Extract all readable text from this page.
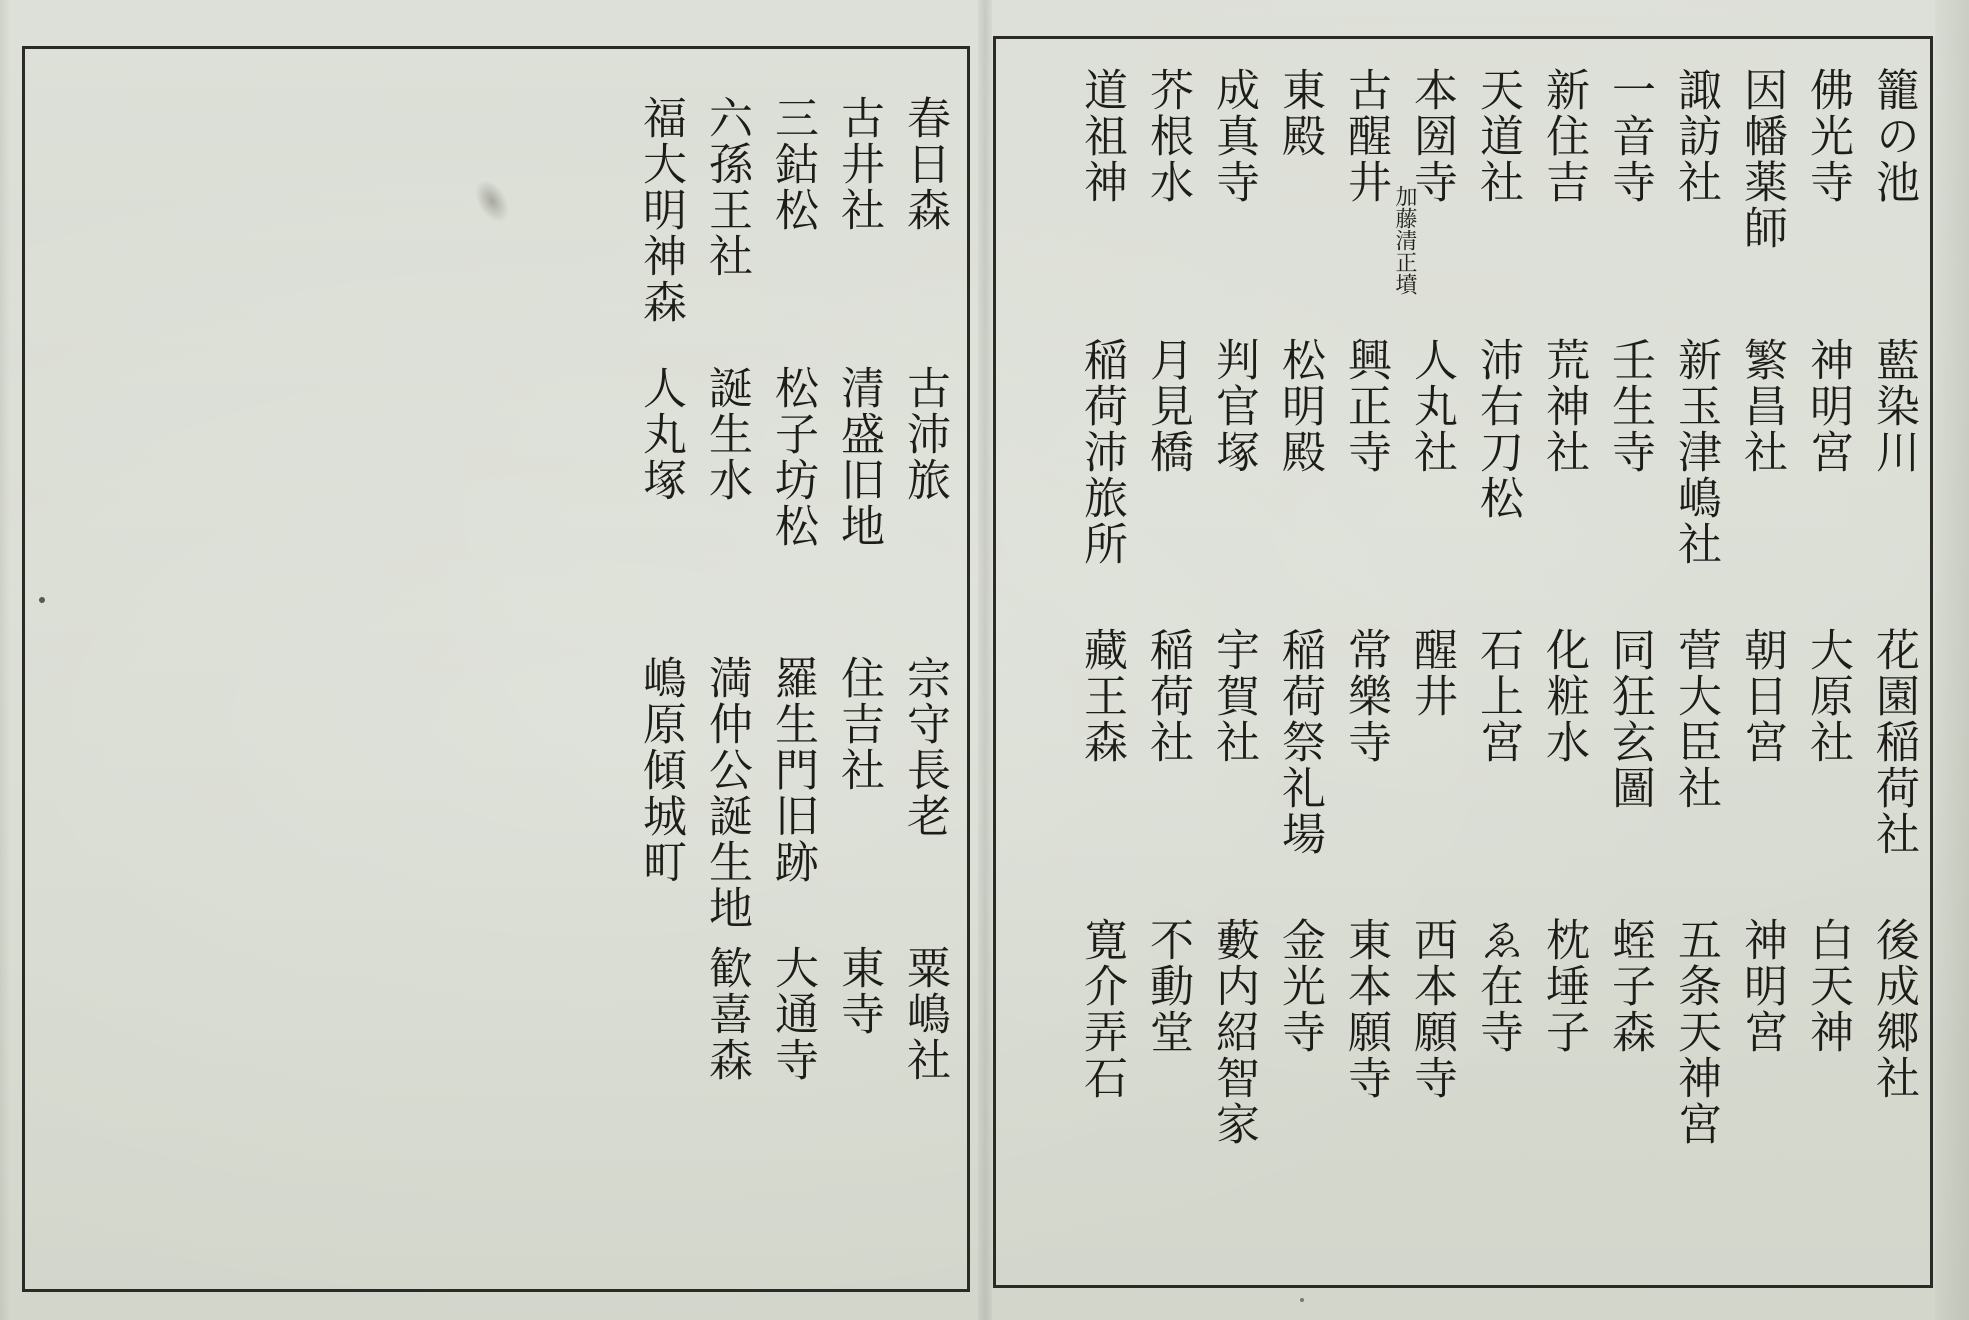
春日森
古沛旅
宗守長老
粟嶋社
古井社
清盛旧地
住吉社
東寺
三鈷松
松子坊松
羅生門旧跡
大通寺
六孫王社
誕生水
満仲公誕生地
歓喜森
福大明神森
人丸塚
嶋原傾城町
籠の池
藍染川
花園稲荷社
後成郷社
佛光寺
神明宮
大原社
白天神
因幡薬師
繁昌社
朝日宮
神明宮
諏訪社
新玉津嶋社
菅大臣社
五条天神宮
一音寺
壬生寺
同狂玄圖
蛭子森
新住吉
荒神社
化粧水
枕埵子
天道社
沛右刀松
石上宮
ゑ在寺
本圀寺
加藤清正墳
人丸社
醒井
西本願寺
古醒井
興正寺
常樂寺
東本願寺
東殿
松明殿
稲荷祭礼場
金光寺
成真寺
判官塚
宇賀社
藪内紹智家
芥根水
月見橋
稲荷社
不動堂
道祖神
稲荷沛旅所
藏王森
寛介弄石
